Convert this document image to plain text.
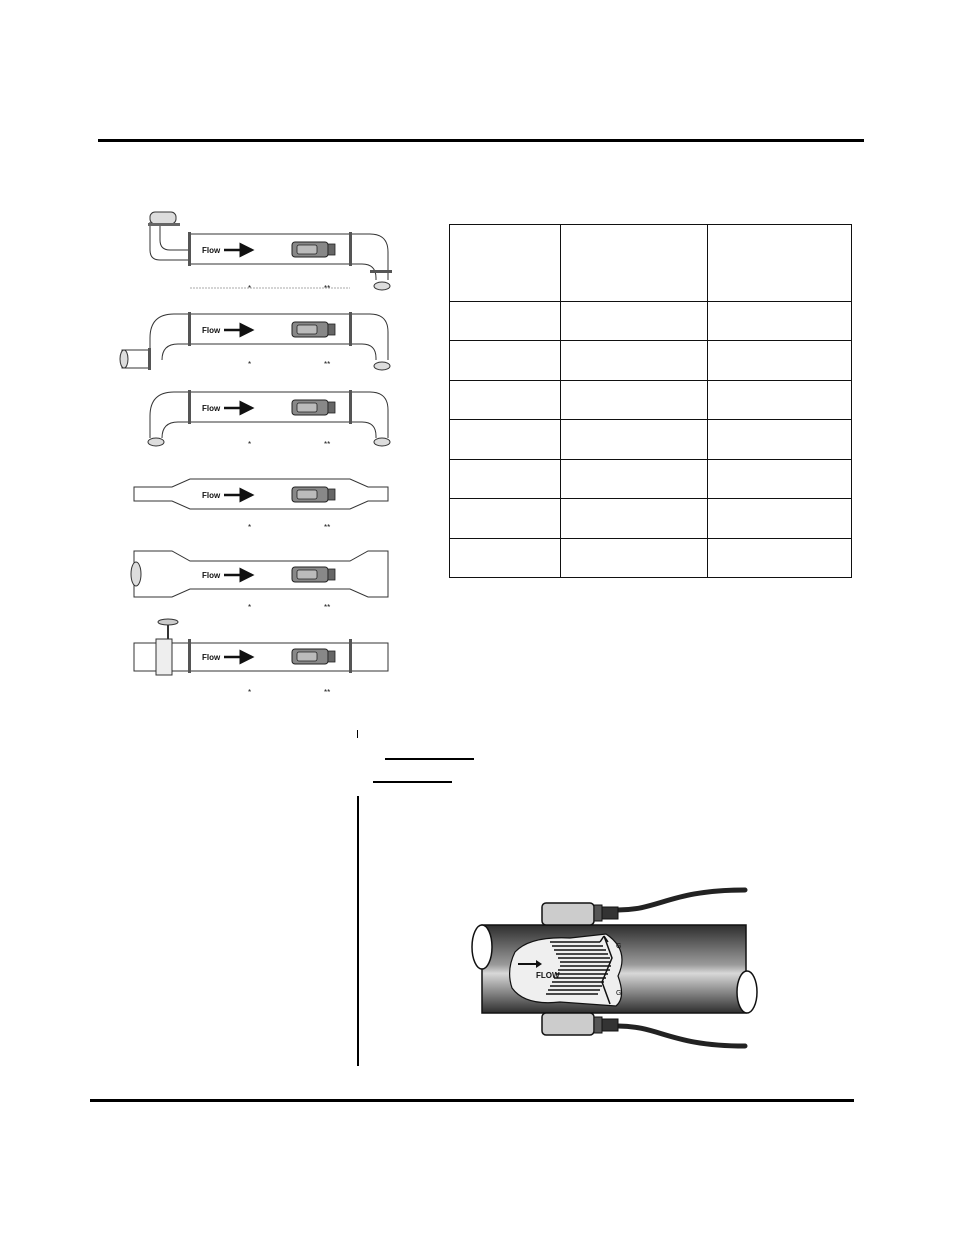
Flow
*	**
Flow
*	**
Flow
*	**
Flow
*	**
Flow
*	**
Flow
*	**

FLOW
G
G
